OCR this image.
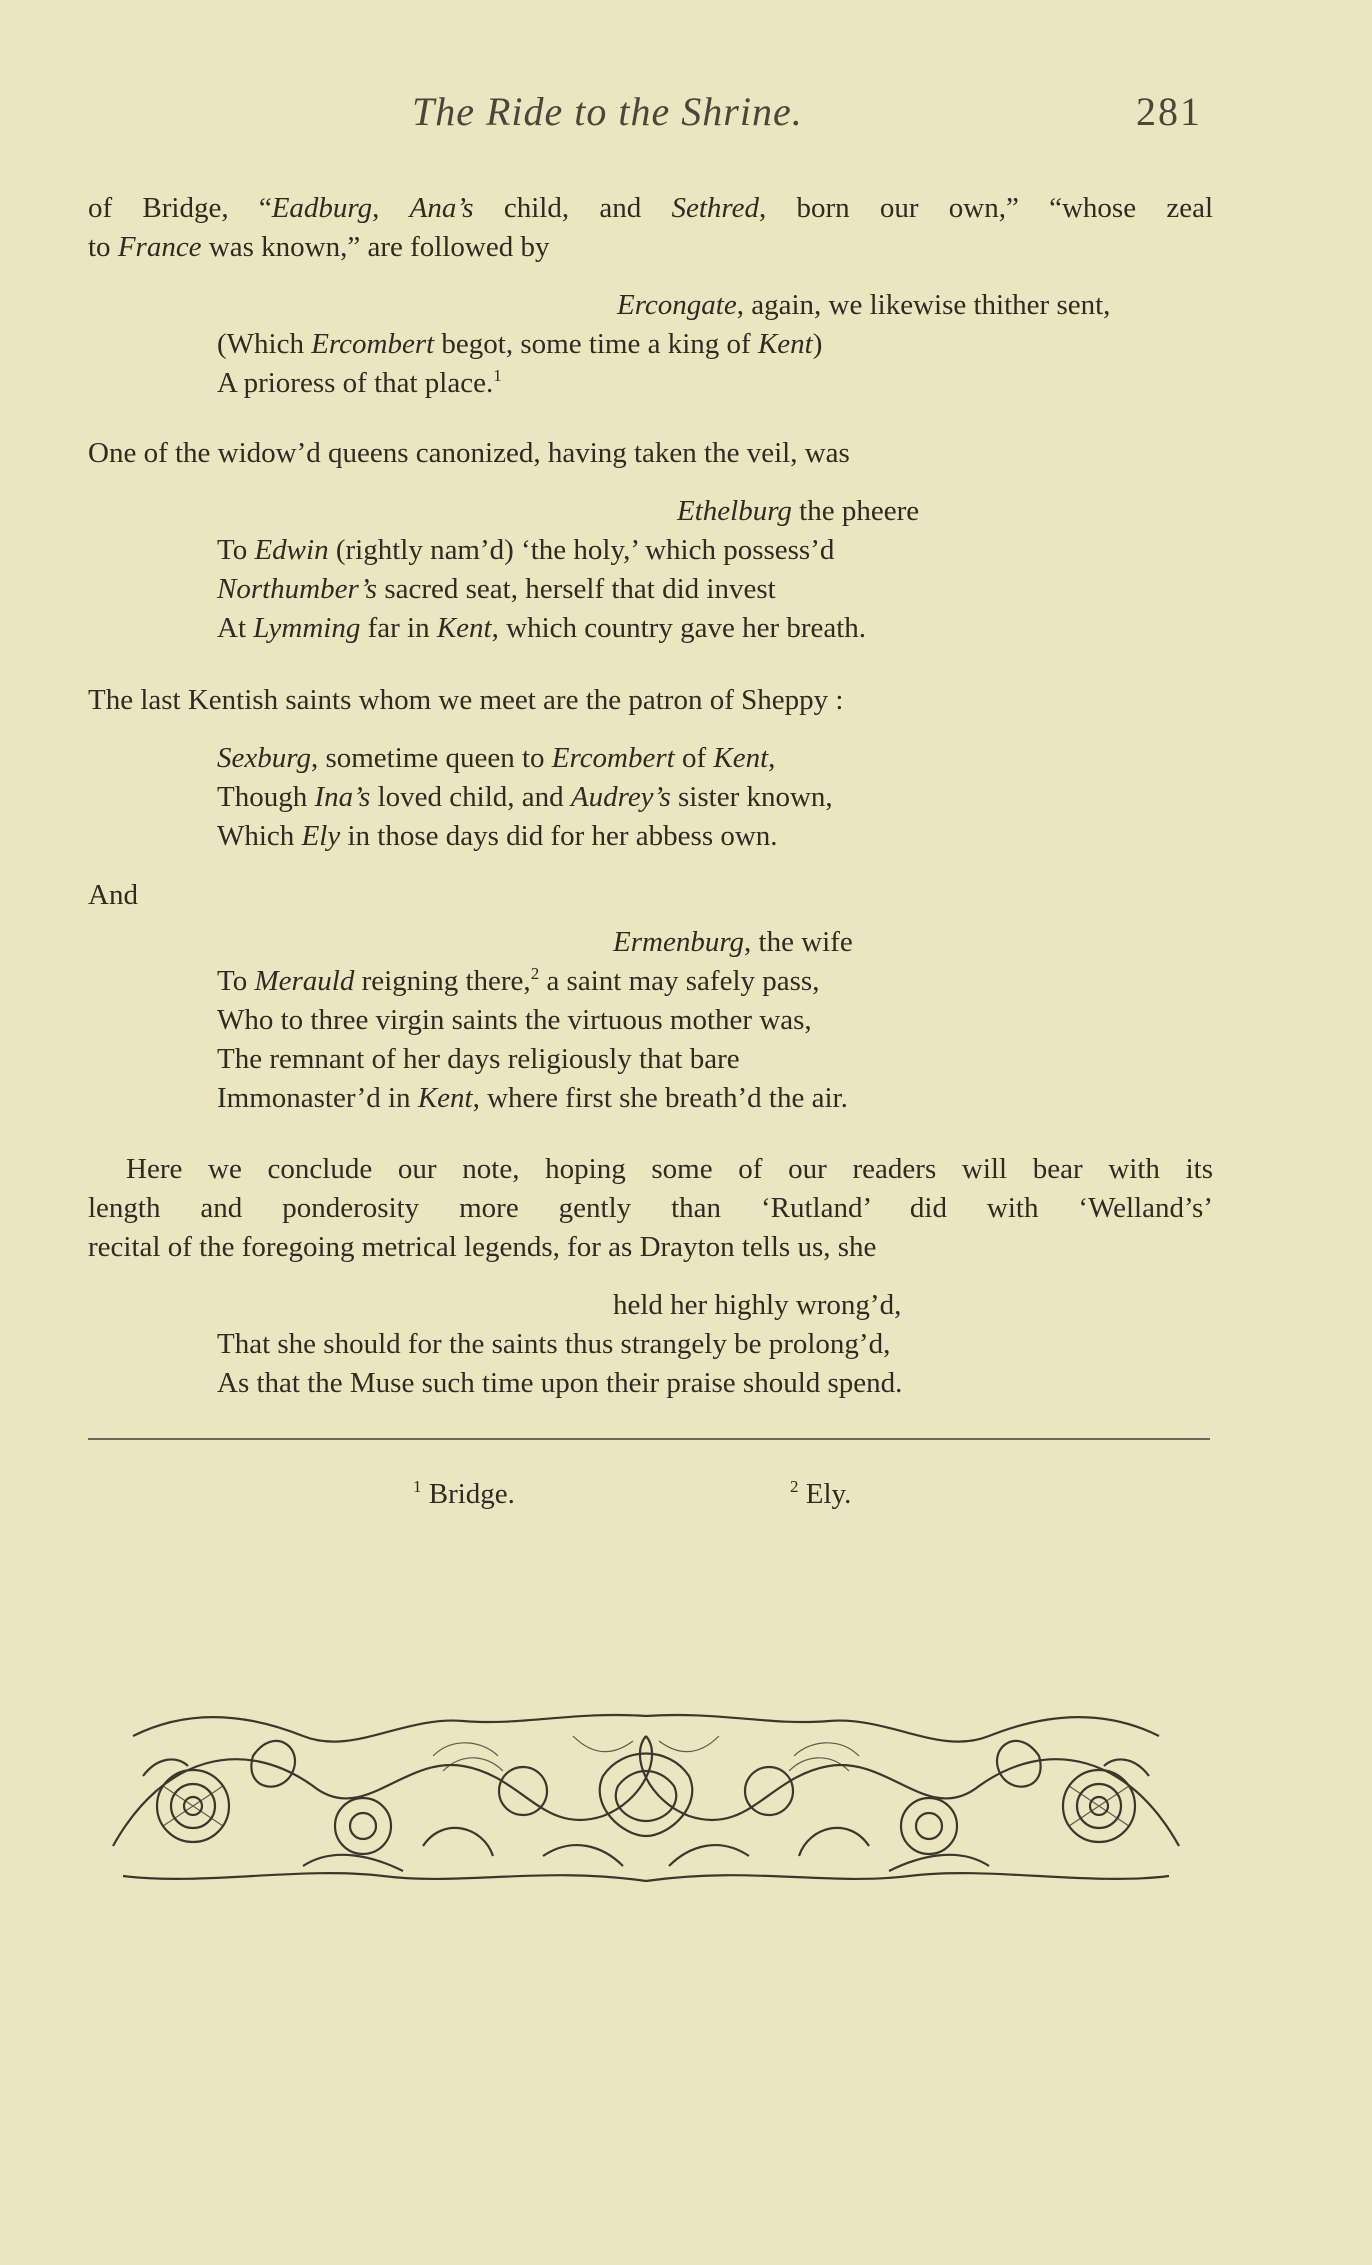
The Ride to the Shrine.	281
of Bridge, “Eadburg, Ana’s child, and Sethred, born our own,” “whose zeal
to France was known,” are followed by
Ercongate, again, we likewise thither sent,
(Which Ercombert begot, some time a king of Kent)
A prioress of that place.$^1$
One of the widow’d queens canonized, having taken the veil, was
Ethelburg the pheere
To Edwin (rightly nam’d) ‘the holy,’ which possess’d
Northumber’s sacred seat, herself that did invest
At Lymming far in Kent, which country gave her breath.
The last Kentish saints whom we meet are the patron of Sheppy :
Sexburg, sometime queen to Ercombert of Kent,
Though Ina’s loved child, and Audrey’s sister known,
Which Ely in those days did for her abbess own.
And
Ermenburg, the wife
To Merauld reigning there,$^2$ a saint may safely pass,
Who to three virgin saints the virtuous mother was,
The remnant of her days religiously that bare
Immonaster’d in Kent, where first she breath’d the air.
Here we conclude our note, hoping some of our readers will bear with its
length and ponderosity more gently than ‘Rutland’ did with ‘Welland’s’
recital of the foregoing metrical legends, for as Drayton tells us, she
held her highly wrong’d,
That she should for the saints thus strangely be prolong’d,
As that the Muse such time upon their praise should spend.
$^1$ Bridge.	$^2$ Ely.
